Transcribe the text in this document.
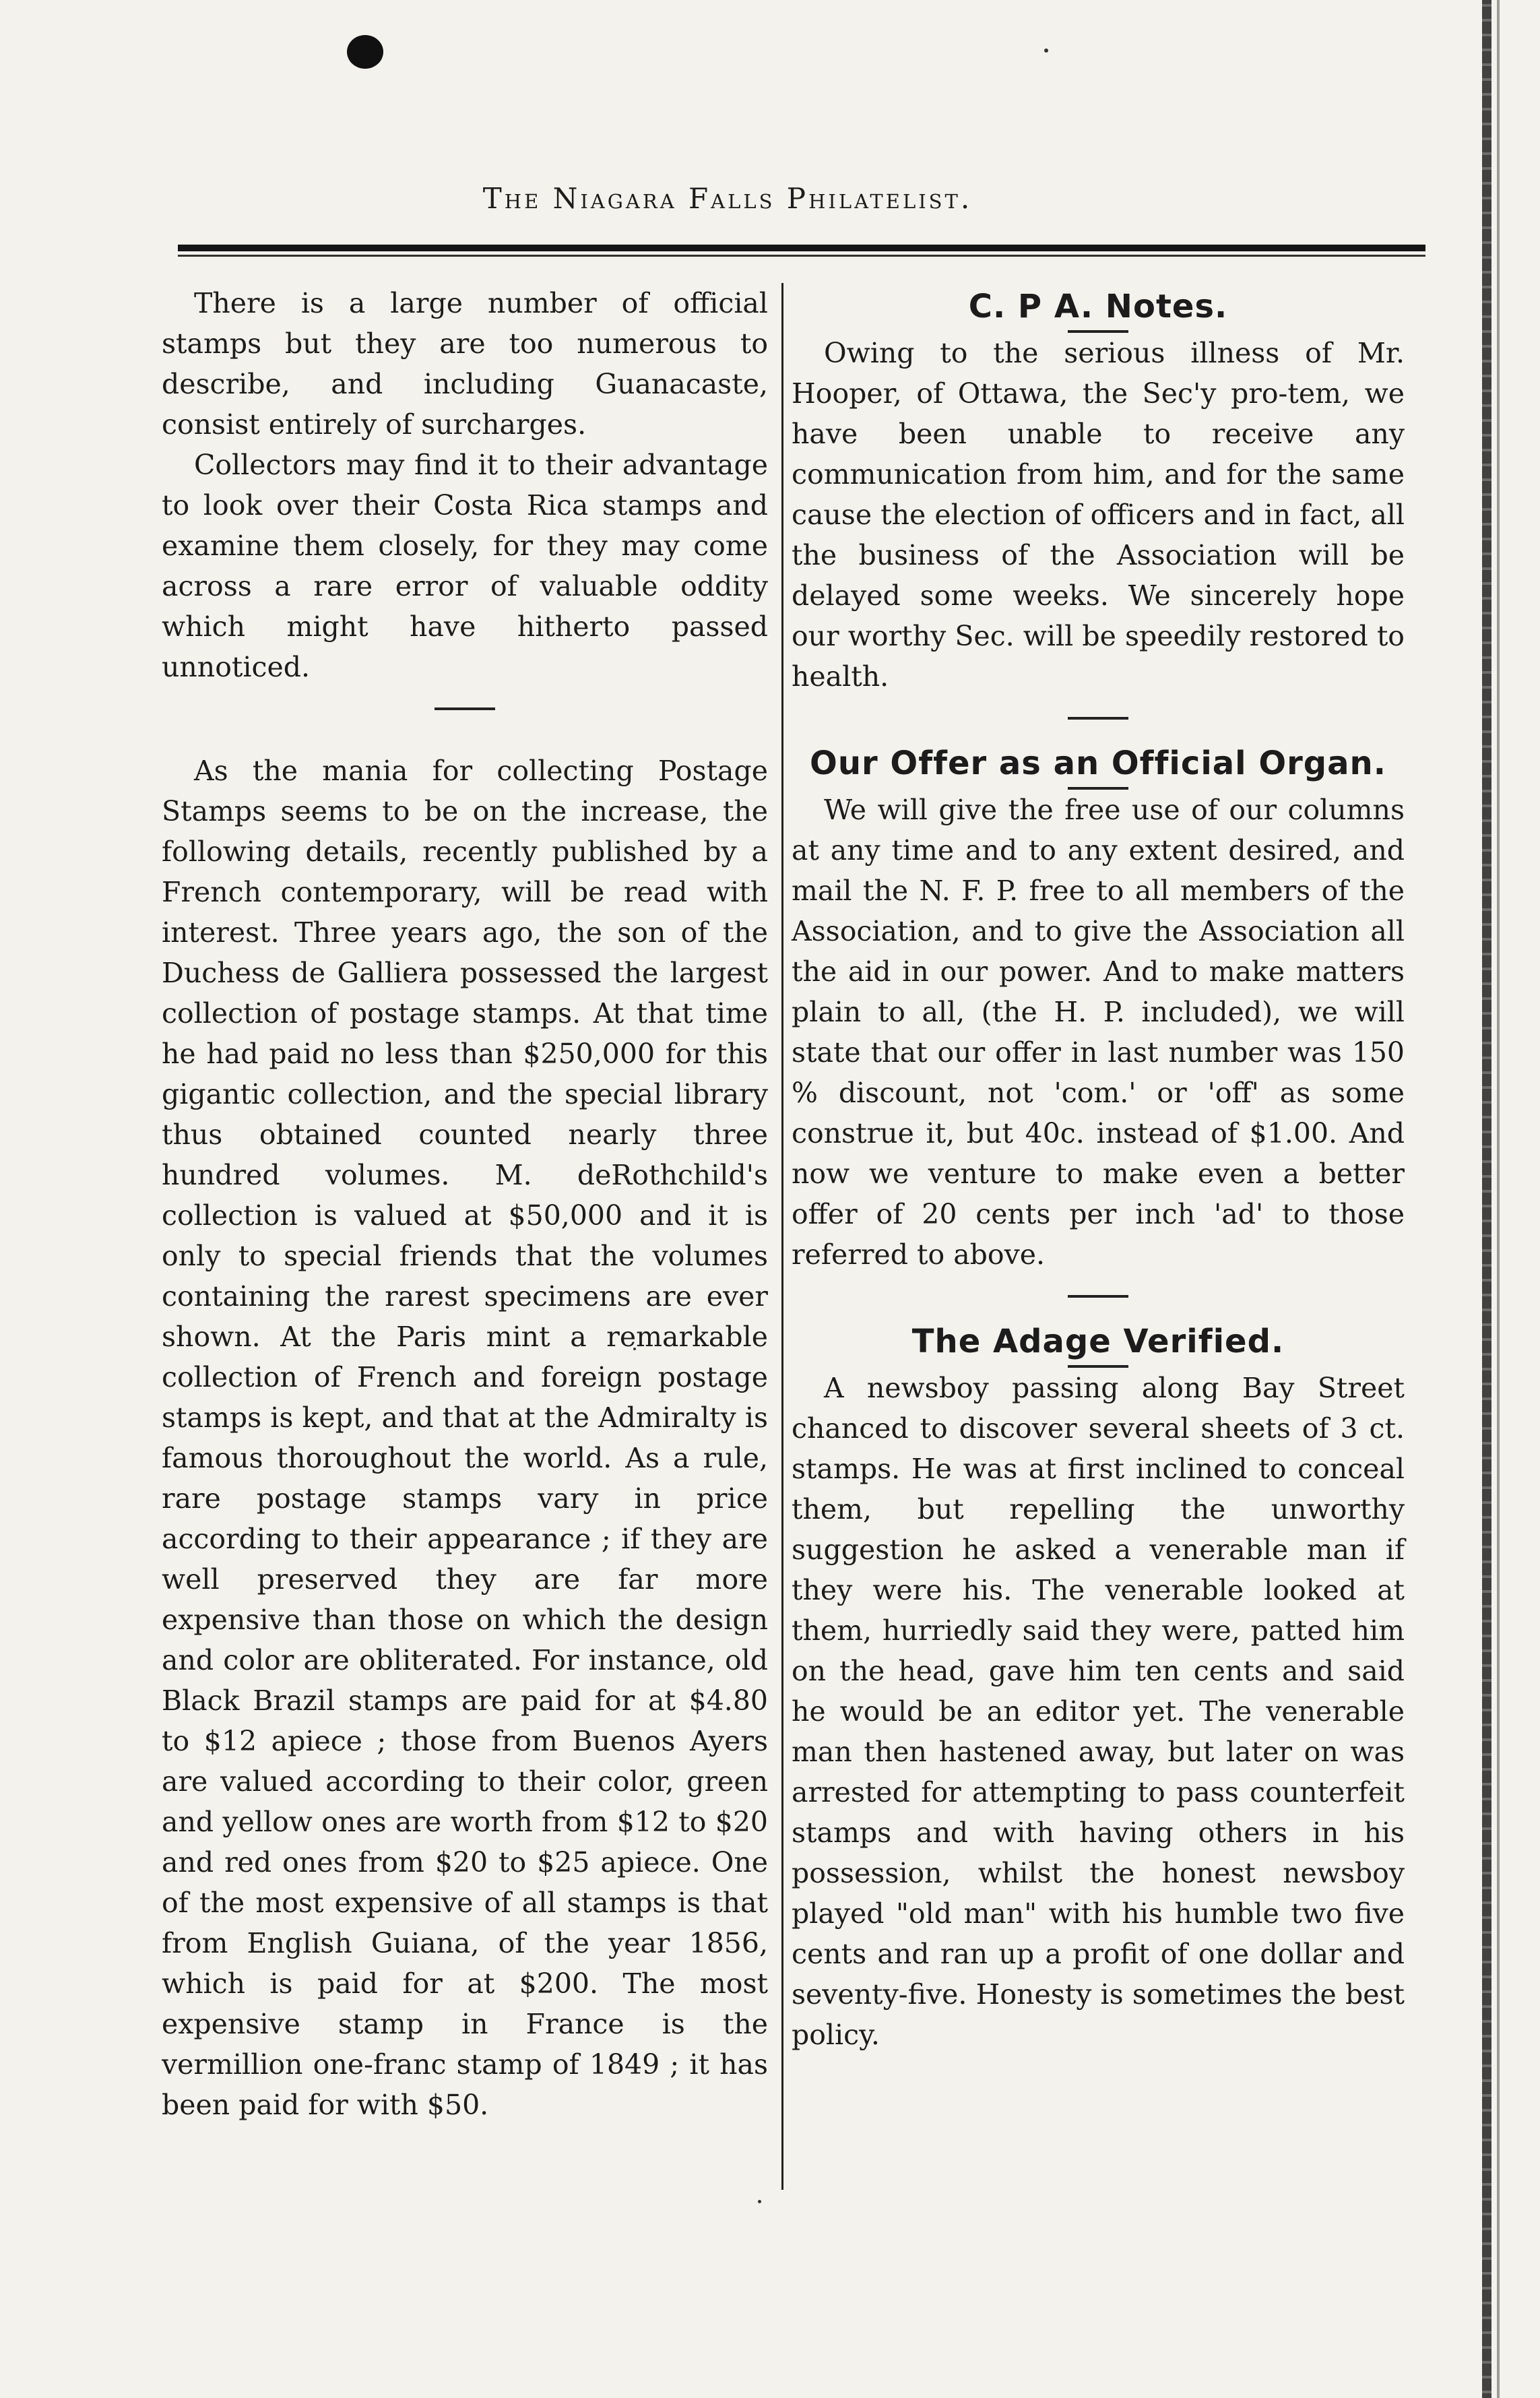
The Niagara Falls Philatelist.

There is a large number of official stamps but they are too numerous to describe, and including Guanacaste, consist entirely of surcharges.

Collectors may find it to their advantage to look over their Costa Rica stamps and examine them closely, for they may come across a rare error of valuable oddity which might have hitherto passed unnoticed.

As the mania for collecting Postage Stamps seems to be on the increase, the following details, recently published by a French contemporary, will be read with interest. Three years ago, the son of the Duchess de Galliera possessed the largest collection of postage stamps. At that time he had paid no less than $250,000 for this gigantic collection, and the special library thus obtained counted nearly three hundred volumes. M. deRothchild's collection is valued at $50,000 and it is only to special friends that the volumes containing the rarest specimens are ever shown. At the Paris mint a remarkable collection of French and foreign postage stamps is kept, and that at the Admiralty is famous thoroughout the world. As a rule, rare postage stamps vary in price according to their appearance ; if they are well preserved they are far more expensive than those on which the design and color are obliterated. For instance, old Black Brazil stamps are paid for at $4.80 to $12 apiece ; those from Buenos Ayers are valued according to their color, green and yellow ones are worth from $12 to $20 and red ones from $20 to $25 apiece. One of the most expensive of all stamps is that from English Guiana, of the year 1856, which is paid for at $200. The most expensive stamp in France is the vermillion one-franc stamp of 1849 ; it has been paid for with $50.

C. P A. Notes.

Owing to the serious illness of Mr. Hooper, of Ottawa, the Sec'y pro-tem, we have been unable to receive any communication from him, and for the same cause the election of officers and in fact, all the business of the Association will be delayed some weeks. We sincerely hope our worthy Sec. will be speedily restored to health.

Our Offer as an Official Organ.

We will give the free use of our columns at any time and to any extent desired, and mail the N. F. P. free to all members of the Association, and to give the Association all the aid in our power. And to make matters plain to all, (the H. P. included), we will state that our offer in last number was 150 % discount, not 'com.' or 'off' as some construe it, but 40c. instead of $1.00. And now we venture to make even a better offer of 20 cents per inch 'ad' to those referred to above.

The Adage Verified.

A newsboy passing along Bay Street chanced to discover several sheets of 3 ct. stamps. He was at first inclined to conceal them, but repelling the unworthy suggestion he asked a venerable man if they were his. The venerable looked at them, hurriedly said they were, patted him on the head, gave him ten cents and said he would be an editor yet. The venerable man then hastened away, but later on was arrested for attempting to pass counterfeit stamps and with having others in his possession, whilst the honest newsboy played "old man" with his humble two five cents and ran up a profit of one dollar and seventy-five. Honesty is sometimes the best policy.
